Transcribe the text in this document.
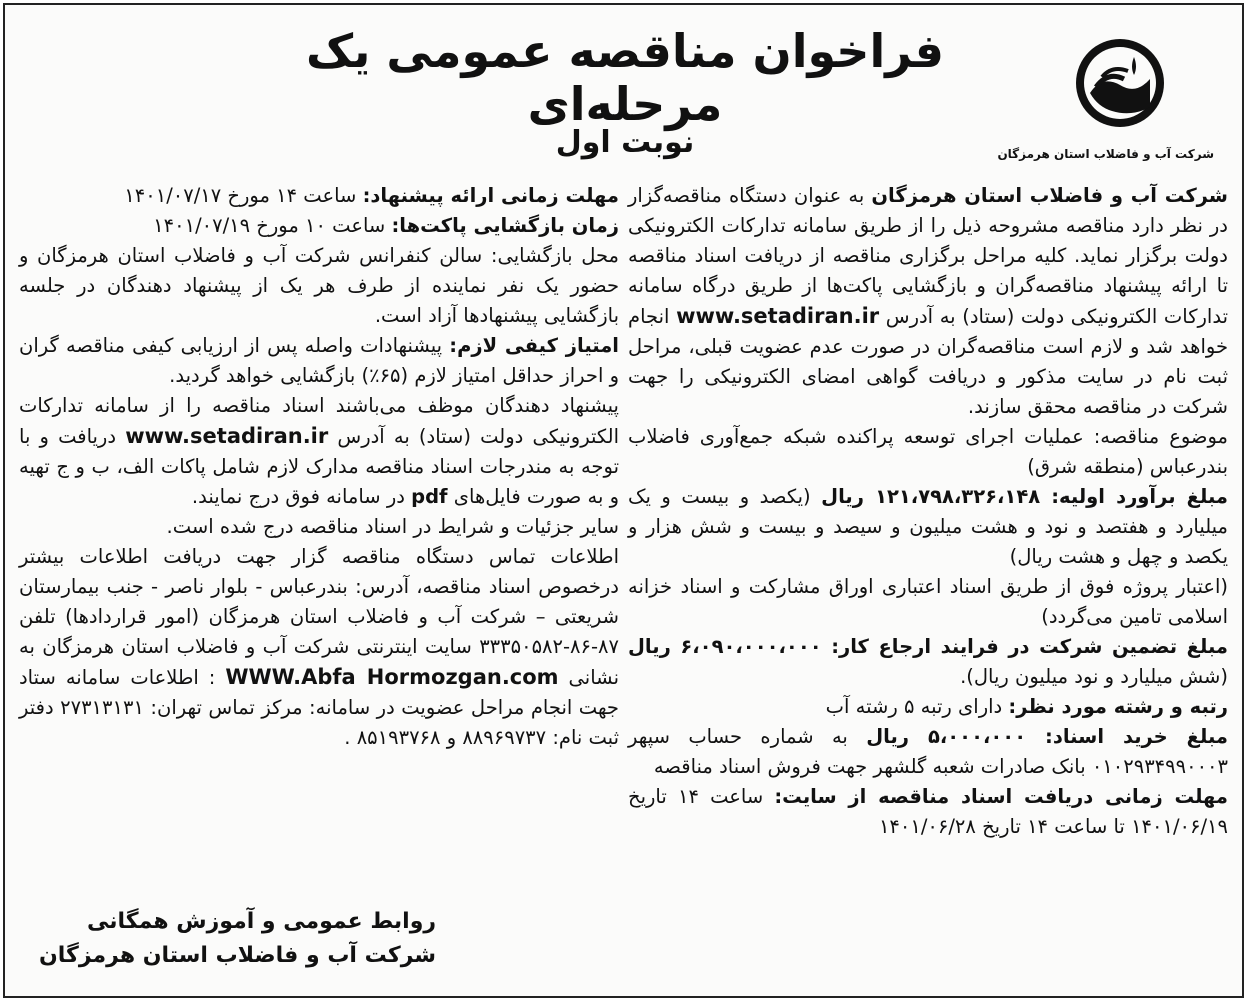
شرکت آب و فاضلاب استان هرمزگان
فراخوان مناقصه عمومی یک مرحله‌ای
نوبت اول

شرکت آب و فاضلاب استان هرمزگان به عنوان دستگاه مناقصه‌گزار در نظر دارد مناقصه مشروحه ذیل را از طریق سامانه تدارکات الکترونیکی دولت برگزار نماید. کلیه مراحل برگزاری مناقصه از دریافت اسناد مناقصه تا ارائه پیشنهاد مناقصه‌گران و بازگشایی پاکت‌ها از طریق درگاه سامانه تدارکات الکترونیکی دولت (ستاد) به آدرس www.setadiran.ir انجام خواهد شد و لازم است مناقصه‌گران در صورت عدم عضویت قبلی، مراحل ثبت نام در سایت مذکور و دریافت گواهی امضای الکترونیکی را جهت شرکت در مناقصه محقق سازند.

موضوع مناقصه: عملیات اجرای توسعه پراکنده شبکه جمع‌آوری فاضلاب بندرعباس (منطقه شرق)

مبلغ برآورد اولیه: ۱۲۱،۷۹۸،۳۲۶،۱۴۸ ریال (یکصد و بیست و یک میلیارد و هفتصد و نود و هشت میلیون و سیصد و بیست و شش هزار و یکصد و چهل و هشت ریال)

(اعتبار پروژه فوق از طریق اسناد اعتباری اوراق مشارکت و اسناد خزانه اسلامی تامین می‌گردد)

مبلغ تضمین شرکت در فرایند ارجاع کار: ۶،۰۹۰،۰۰۰،۰۰۰ ریال (شش میلیارد و نود میلیون ریال).

رتبه و رشته مورد نظر: دارای رتبه ۵ رشته آب

مبلغ خرید اسناد: ۵،۰۰۰،۰۰۰ ریال به شماره حساب سپهر ۰۱۰۲۹۳۴۹۹۰۰۰۳ بانک صادرات شعبه گلشهر جهت فروش اسناد مناقصه

مهلت زمانی دریافت اسناد مناقصه از سایت: ساعت ۱۴ تاریخ ۱۴۰۱/۰۶/۱۹ تا ساعت ۱۴ تاریخ ۱۴۰۱/۰۶/۲۸

مهلت زمانی ارائه پیشنهاد: ساعت ۱۴ مورخ ۱۴۰۱/۰۷/۱۷

زمان بازگشایی پاکت‌ها: ساعت ۱۰ مورخ ۱۴۰۱/۰۷/۱۹

محل بازگشایی: سالن کنفرانس شرکت آب و فاضلاب استان هرمزگان و حضور یک نفر نماینده از طرف هر یک از پیشنهاد دهندگان در جلسه بازگشایی پیشنهادها آزاد است.

امتیاز کیفی لازم: پیشنهادات واصله پس از ارزیابی کیفی مناقصه گران و احراز حداقل امتیاز لازم (۶۵٪) بازگشایی خواهد گردید.

پیشنهاد دهندگان موظف می‌باشند اسناد مناقصه را از سامانه تدارکات الکترونیکی دولت (ستاد) به آدرس www.setadiran.ir دریافت و با توجه به مندرجات اسناد مناقصه مدارک لازم شامل پاکات الف، ب و ج تهیه و به صورت فایل‌های pdf در سامانه فوق درج نمایند.

سایر جزئیات و شرایط در اسناد مناقصه درج شده است.

اطلاعات تماس دستگاه مناقصه گزار جهت دریافت اطلاعات بیشتر درخصوص اسناد مناقصه، آدرس: بندرعباس - بلوار ناصر - جنب بیمارستان شریعتی – شرکت آب و فاضلاب استان هرمزگان (امور قراردادها) تلفن ۸۷-۸۶-۳۳۳۵۰۵۸۲ سایت اینترنتی شرکت آب و فاضلاب استان هرمزگان به نشانی WWW.Abfa Hormozgan.com : اطلاعات سامانه ستاد جهت انجام مراحل عضویت در سامانه: مرکز تماس تهران: ۲۷۳۱۳۱۳۱ دفتر ثبت نام: ۸۸۹۶۹۷۳۷ و ۸۵۱۹۳۷۶۸ .

روابط عمومی و آموزش همگانی
شرکت آب و فاضلاب استان هرمزگان
